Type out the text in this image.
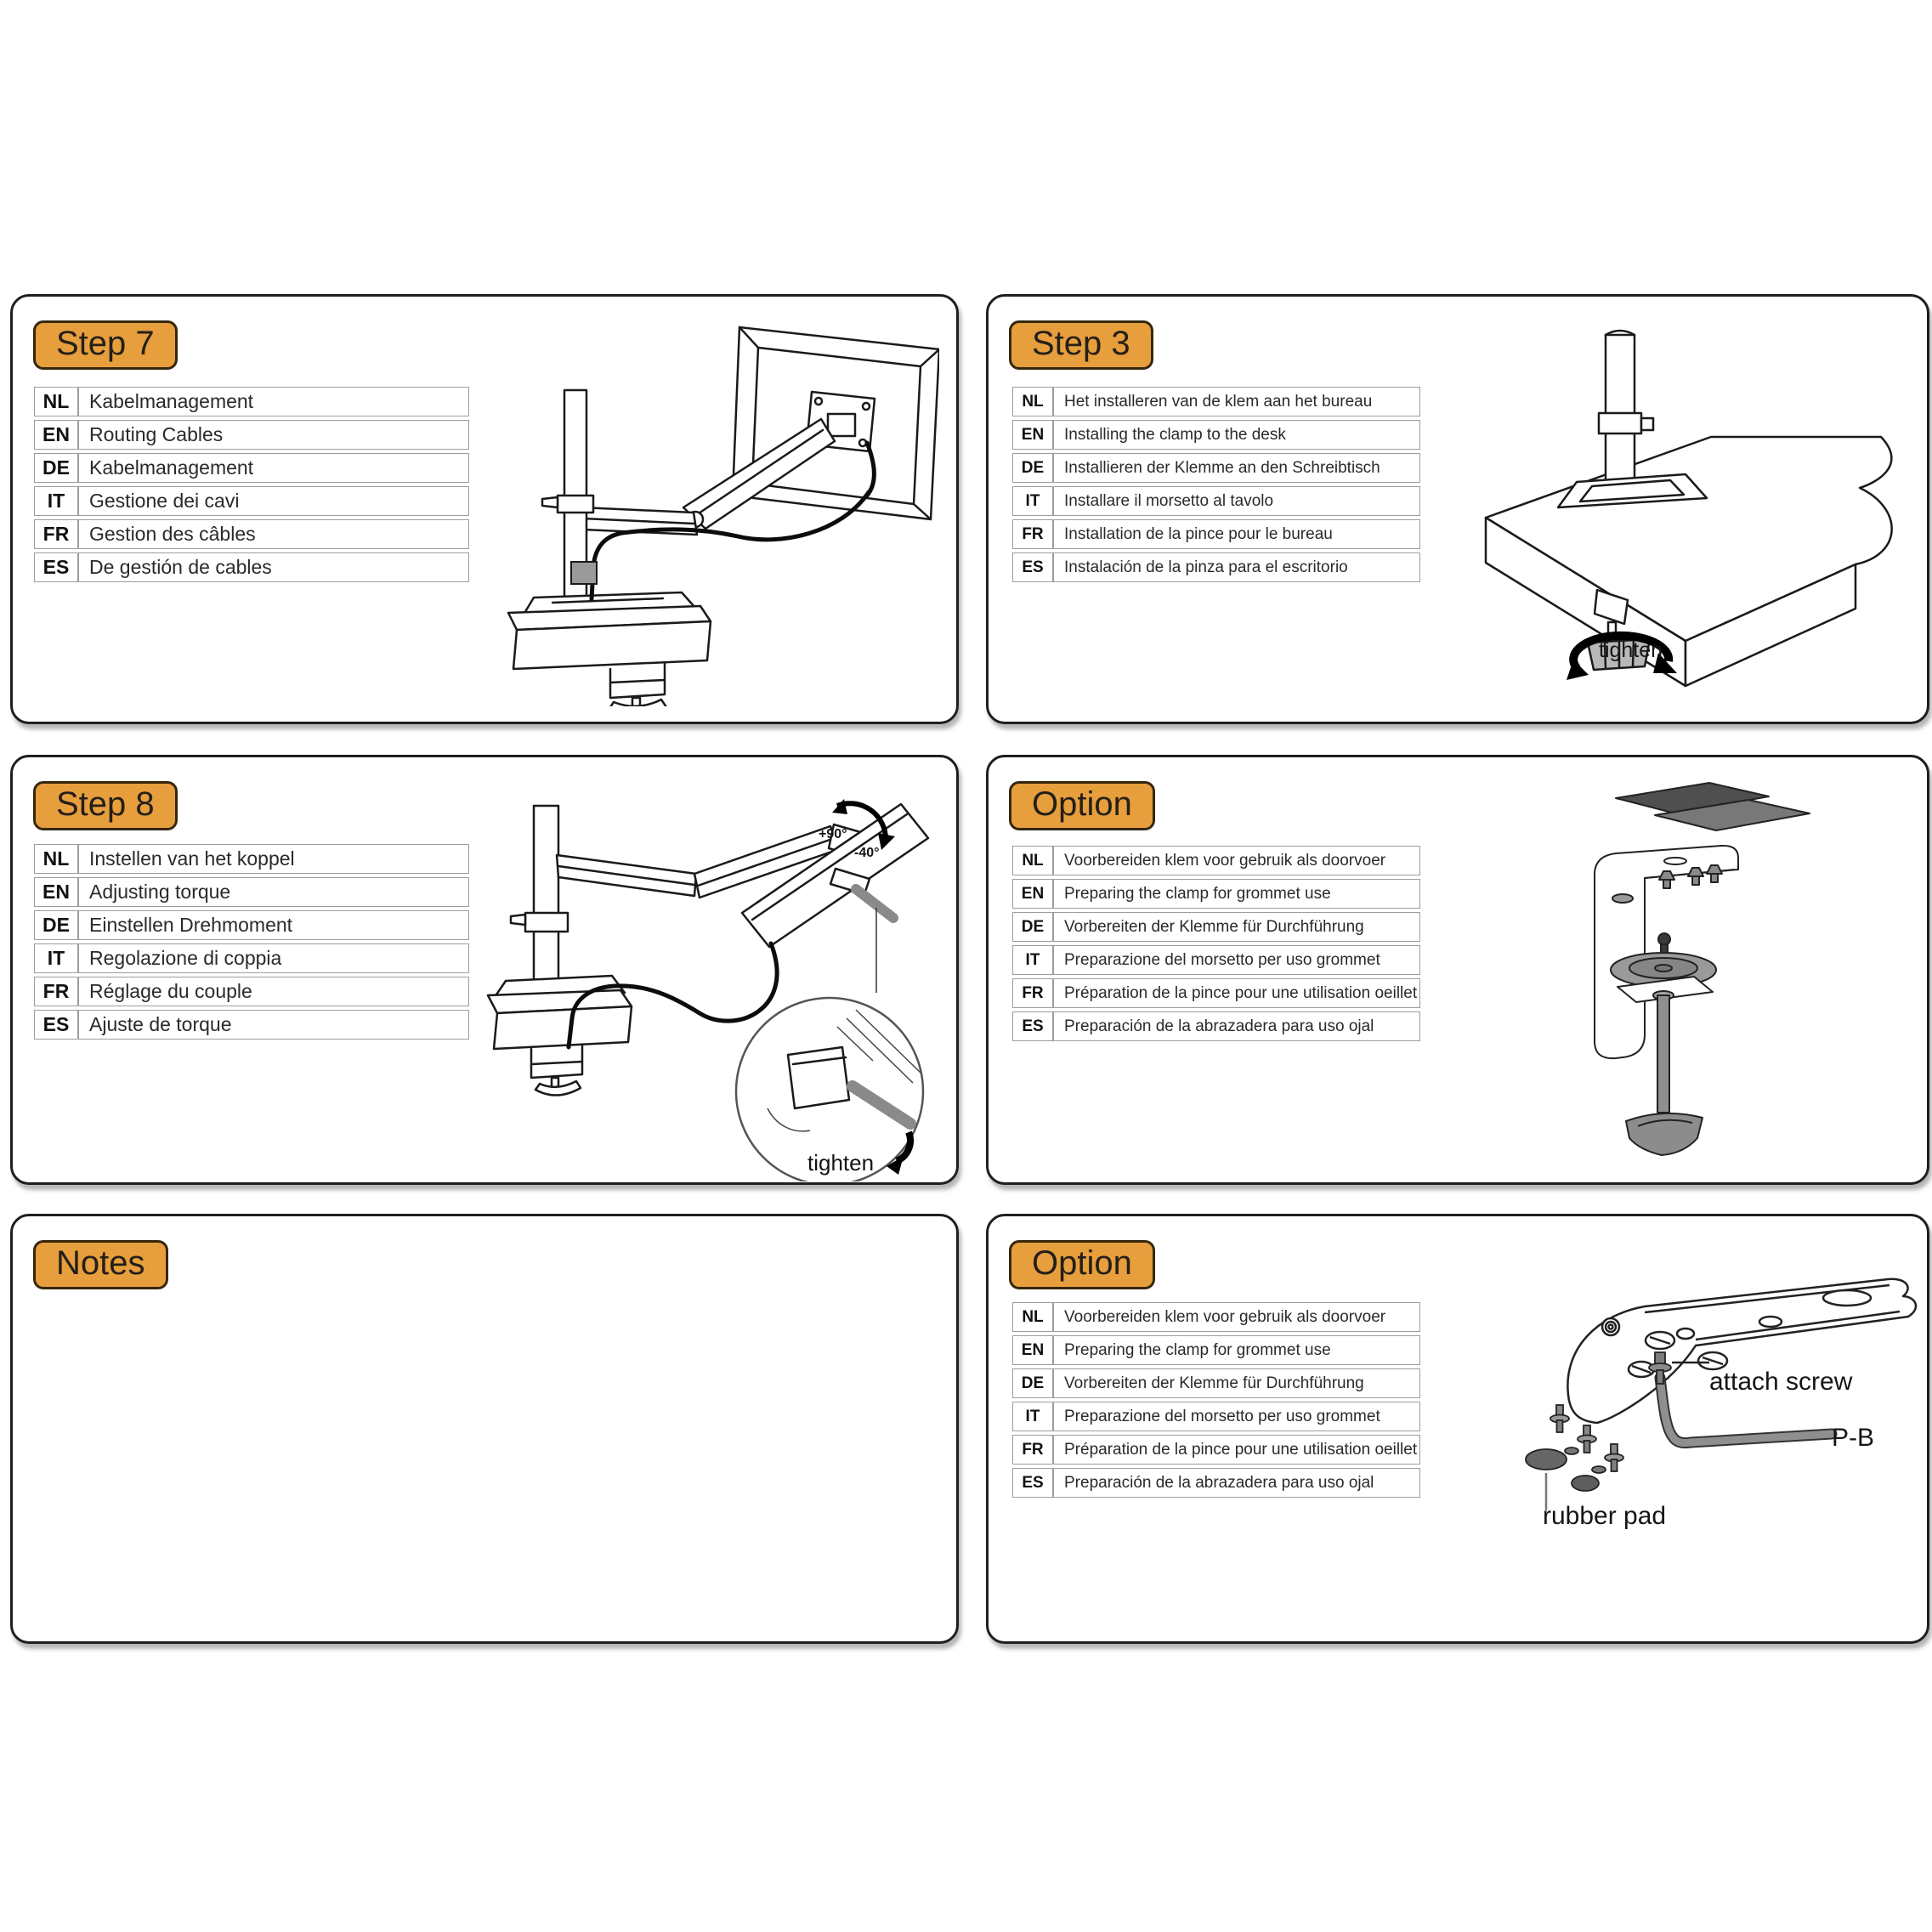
Step 7
NL	Kabelmanagement
EN	Routing Cables
DE	Kabelmanagement
IT	Gestione dei cavi
FR	Gestion des câbles
ES	De gestión de cables
Step 3
NL	Het installeren van de klem aan het bureau
EN	Installing the clamp to the desk
DE	Installieren der Klemme an den Schreibtisch
IT	Installare il morsetto al tavolo
FR	Installation de la pince pour le bureau
ES	Instalación de la pinza para el escritorio
tighten
Step 8
NL	Instellen van het koppel
EN	Adjusting torque
DE	Einstellen Drehmoment
IT	Regolazione di coppia
FR	Réglage du couple
ES	Ajuste de torque
+90°
-40°
tighten
Option
NL	Voorbereiden klem voor gebruik als doorvoer
EN	Preparing the clamp for grommet use
DE	Vorbereiten der Klemme für Durchführung
IT	Preparazione del morsetto per uso grommet
FR	Préparation de la pince pour une utilisation oeillet
ES	Preparación de la abrazadera para uso ojal
Notes	Option
NL	Voorbereiden klem voor gebruik als doorvoer
EN	Preparing the clamp for grommet use
DE	Vorbereiten der Klemme für Durchführung
IT	Preparazione del morsetto per uso grommet
FR	Préparation de la pince pour une utilisation oeillet
ES	Preparación de la abrazadera para uso ojal
attach screw
P-B
rubber pad
